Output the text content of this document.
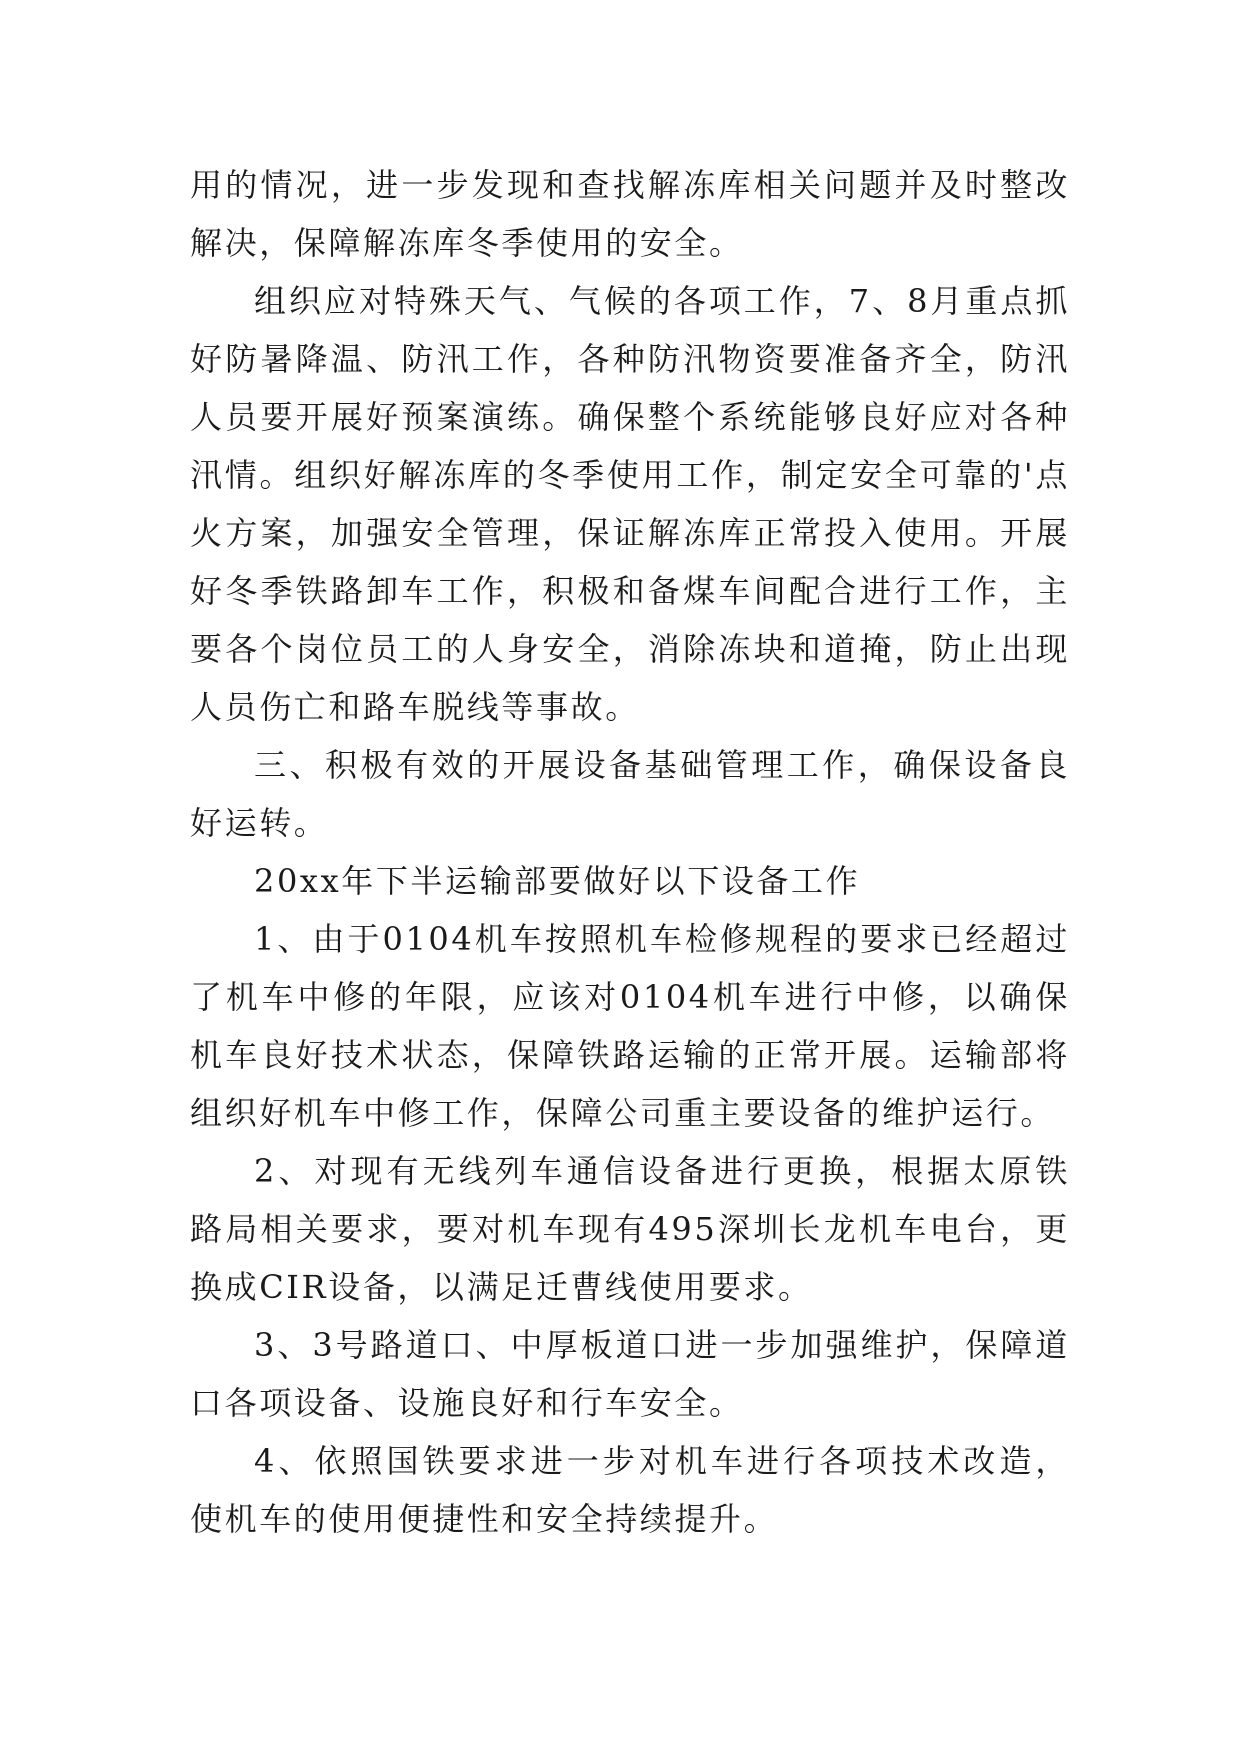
用的情况，进一步发现和查找解冻库相关问题并及时整改解决，保障解冻库冬季使用的安全。

组织应对特殊天气、气候的各项工作，7、8月重点抓好防暑降温、防汛工作，各种防汛物资要准备齐全，防汛人员要开展好预案演练。确保整个系统能够良好应对各种汛情。组织好解冻库的冬季使用工作，制定安全可靠的'点火方案，加强安全管理，保证解冻库正常投入使用。开展好冬季铁路卸车工作，积极和备煤车间配合进行工作，主要各个岗位员工的人身安全，消除冻块和道掩，防止出现人员伤亡和路车脱线等事故。

三、积极有效的开展设备基础管理工作，确保设备良好运转。

20xx年下半运输部要做好以下设备工作

1、由于0104机车按照机车检修规程的要求已经超过了机车中修的年限，应该对0104机车进行中修，以确保机车良好技术状态，保障铁路运输的正常开展。运输部将组织好机车中修工作，保障公司重主要设备的维护运行。

2、对现有无线列车通信设备进行更换，根据太原铁路局相关要求，要对机车现有495深圳长龙机车电台，更换成CIR设备，以满足迁曹线使用要求。

3、3号路道口、中厚板道口进一步加强维护，保障道口各项设备、设施良好和行车安全。

4、依照国铁要求进一步对机车进行各项技术改造，使机车的使用便捷性和安全持续提升。
